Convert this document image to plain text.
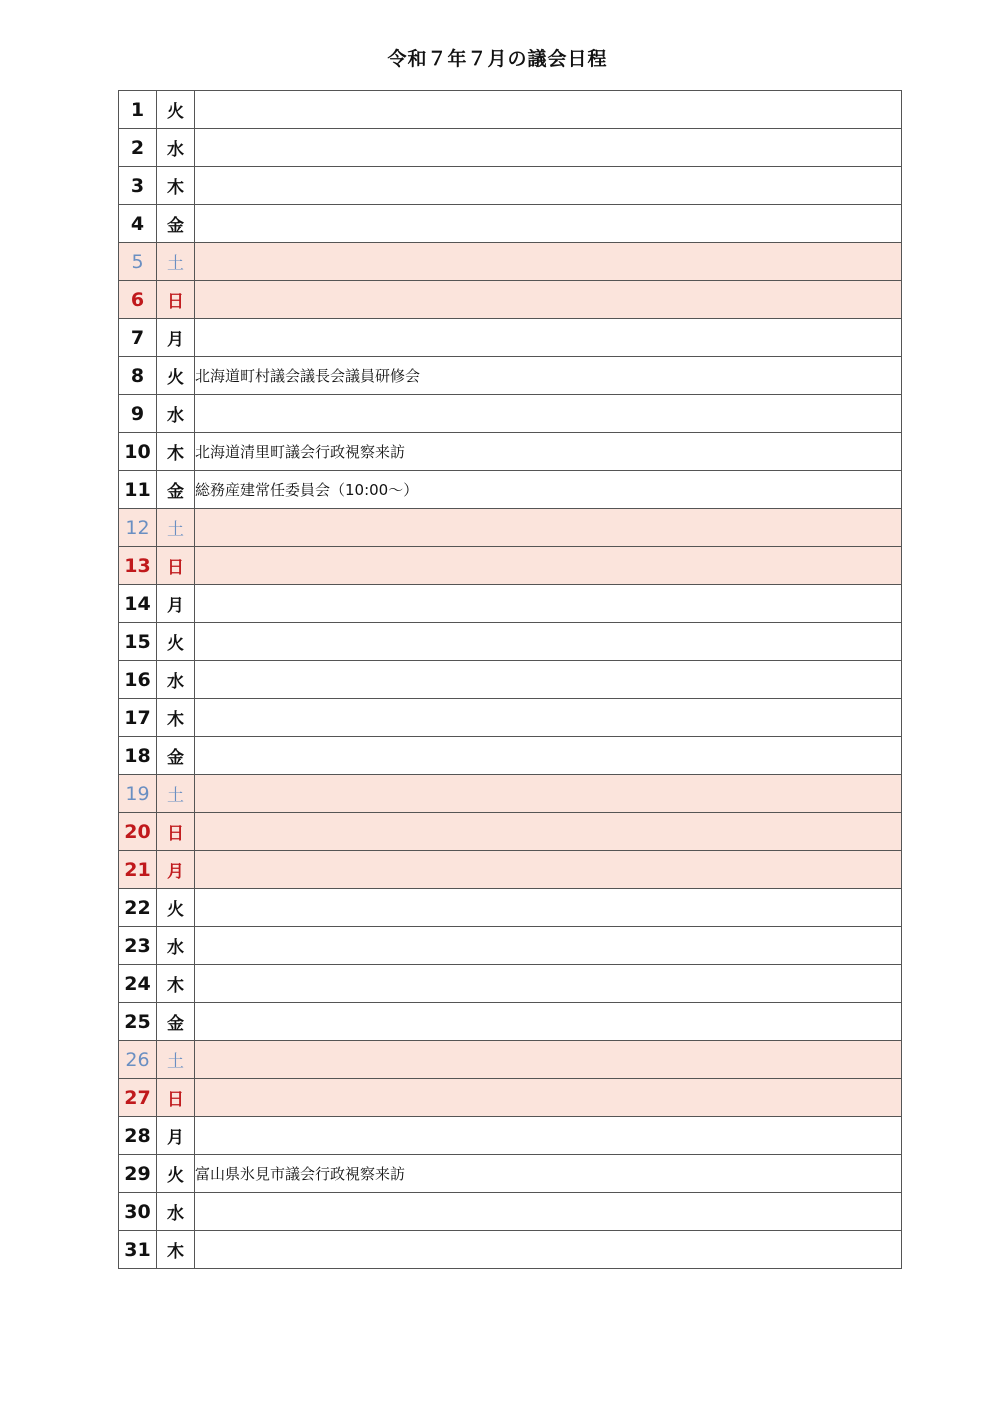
令和７年７月の議会日程
1	火	
2	水	
3	木	
4	金	
5	土	
6	日	
7	月	
8	火	北海道町村議会議長会議員研修会
9	水	
10	木	北海道清里町議会行政視察来訪
11	金	総務産建常任委員会（10:00～）
12	土	
13	日	
14	月	
15	火	
16	水	
17	木	
18	金	
19	土	
20	日	
21	月	
22	火	
23	水	
24	木	
25	金	
26	土	
27	日	
28	月	
29	火	富山県氷見市議会行政視察来訪
30	水	
31	木	
